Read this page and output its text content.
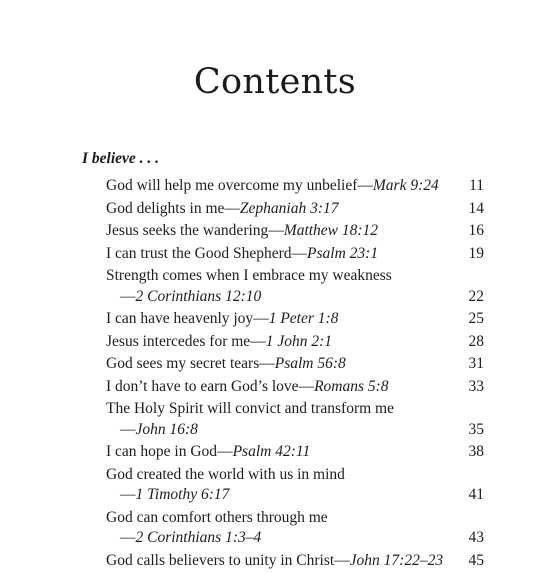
Contents
I believe . . .
God will help me overcome my unbelief—Mark 9:24	11
God delights in me—Zephaniah 3:17	14
Jesus seeks the wandering—Matthew 18:12	16
I can trust the Good Shepherd—Psalm 23:1	19
Strength comes when I embrace my weakness
—2 Corinthians 12:10	22
I can have heavenly joy—1 Peter 1:8	25
Jesus intercedes for me—1 John 2:1	28
God sees my secret tears—Psalm 56:8	31
I don’t have to earn God’s love—Romans 5:8	33
The Holy Spirit will convict and transform me
—John 16:8	35
I can hope in God—Psalm 42:11	38
God created the world with us in mind
—1 Timothy 6:17	41
God can comfort others through me
—2 Corinthians 1:3–4	43
God calls believers to unity in Christ—John 17:22–23	45
